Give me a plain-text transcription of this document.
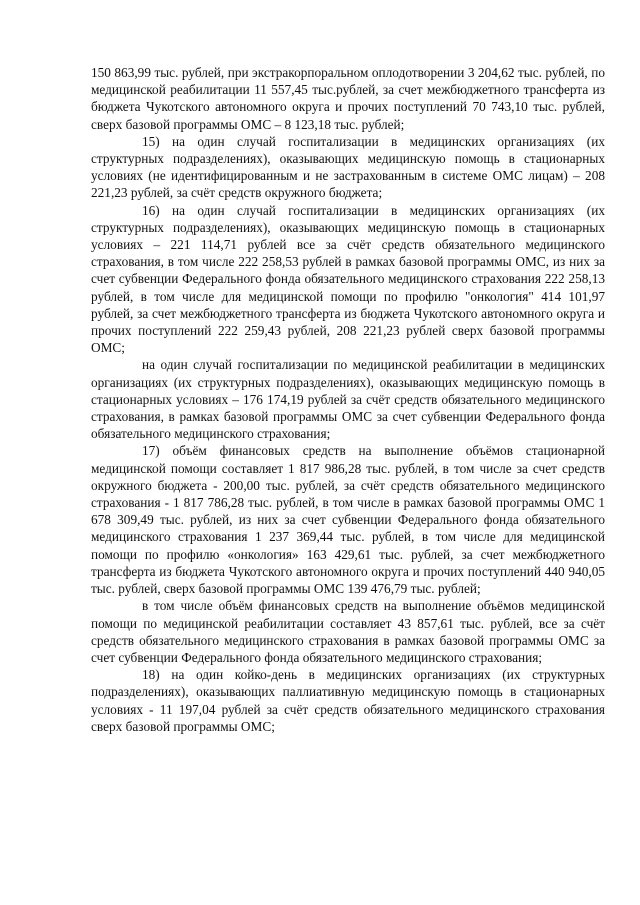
150 863,99 тыс. рублей, при экстракорпоральном оплодотворении 3 204,62 тыс. рублей, по медицинской реабилитации 11 557,45 тыс.рублей, за счет межбюджетного трансферта из бюджета Чукотского автономного округа и прочих поступлений 70 743,10 тыс. рублей, сверх базовой программы ОМС – 8 123,18 тыс. рублей;

15) на один случай госпитализации в медицинских организациях (их структурных подразделениях), оказывающих медицинскую помощь в стационарных условиях (не идентифицированным и не застрахованным в системе ОМС лицам) – 208 221,23 рублей, за счёт средств окружного бюджета;

16) на один случай госпитализации в медицинских организациях (их структурных подразделениях), оказывающих медицинскую помощь в стационарных условиях – 221 114,71 рублей все за счёт средств обязательного медицинского страхования, в том числе 222 258,53 рублей в рамках базовой программы ОМС, из них за счет субвенции Федерального фонда обязательного медицинского страхования 222 258,13 рублей, в том числе для медицинской помощи по профилю "онкология" 414 101,97 рублей, за счет межбюджетного трансферта из бюджета Чукотского автономного округа и прочих поступлений 222 259,43 рублей, 208 221,23 рублей сверх базовой программы ОМС;

на один случай госпитализации по медицинской реабилитации в медицинских организациях (их структурных подразделениях), оказывающих медицинскую помощь в стационарных условиях – 176 174,19 рублей за счёт средств обязательного медицинского страхования, в рамках базовой программы ОМС за счет субвенции Федерального фонда обязательного медицинского страхования;

17) объём финансовых средств на выполнение объёмов стационарной медицинской помощи составляет 1 817 986,28 тыс. рублей, в том числе за счет средств окружного бюджета - 200,00 тыс. рублей, за счёт средств обязательного медицинского страхования - 1 817 786,28 тыс. рублей, в том числе в рамках базовой программы ОМС 1 678 309,49 тыс. рублей, из них за счет субвенции Федерального фонда обязательного медицинского страхования 1 237 369,44 тыс. рублей, в том числе для медицинской помощи по профилю «онкология» 163 429,61 тыс. рублей, за счет межбюджетного трансферта из бюджета Чукотского автономного округа и прочих поступлений 440 940,05 тыс. рублей, сверх базовой программы ОМС 139 476,79 тыс. рублей;

в том числе объём финансовых средств на выполнение объёмов медицинской помощи по медицинской реабилитации составляет 43 857,61 тыс. рублей, все за счёт средств обязательного медицинского страхования в рамках базовой программы ОМС за счет субвенции Федерального фонда обязательного медицинского страхования;

18) на один койко-день в медицинских организациях (их структурных подразделениях), оказывающих паллиативную медицинскую помощь в стационарных условиях - 11 197,04 рублей за счёт средств обязательного медицинского страхования сверх базовой программы ОМС;
